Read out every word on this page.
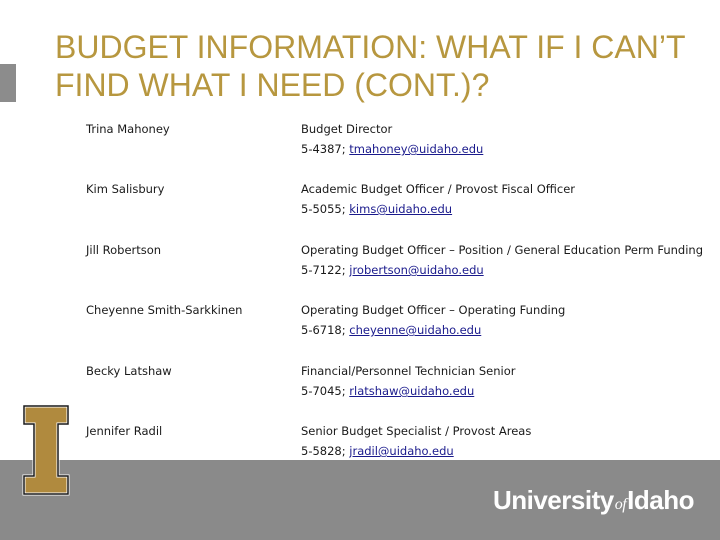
BUDGET INFORMATION: WHAT IF I CAN’T FIND WHAT I NEED (CONT.)?
Trina Mahoney	Budget Director
5-4387; tmahoney@uidaho.edu
Kim Salisbury	Academic Budget Officer / Provost Fiscal Officer
5-5055; kims@uidaho.edu
Jill Robertson	Operating Budget Officer – Position / General Education Perm Funding
5-7122; jrobertson@uidaho.edu
Cheyenne Smith-Sarkkinen	Operating Budget Officer – Operating Funding
5-6718; cheyenne@uidaho.edu
Becky Latshaw	Financial/Personnel Technician Senior
5-7045; rlatshaw@uidaho.edu
Jennifer Radil	Senior Budget Specialist / Provost Areas
5-5828; jradil@uidaho.edu
UniversityofIdaho
